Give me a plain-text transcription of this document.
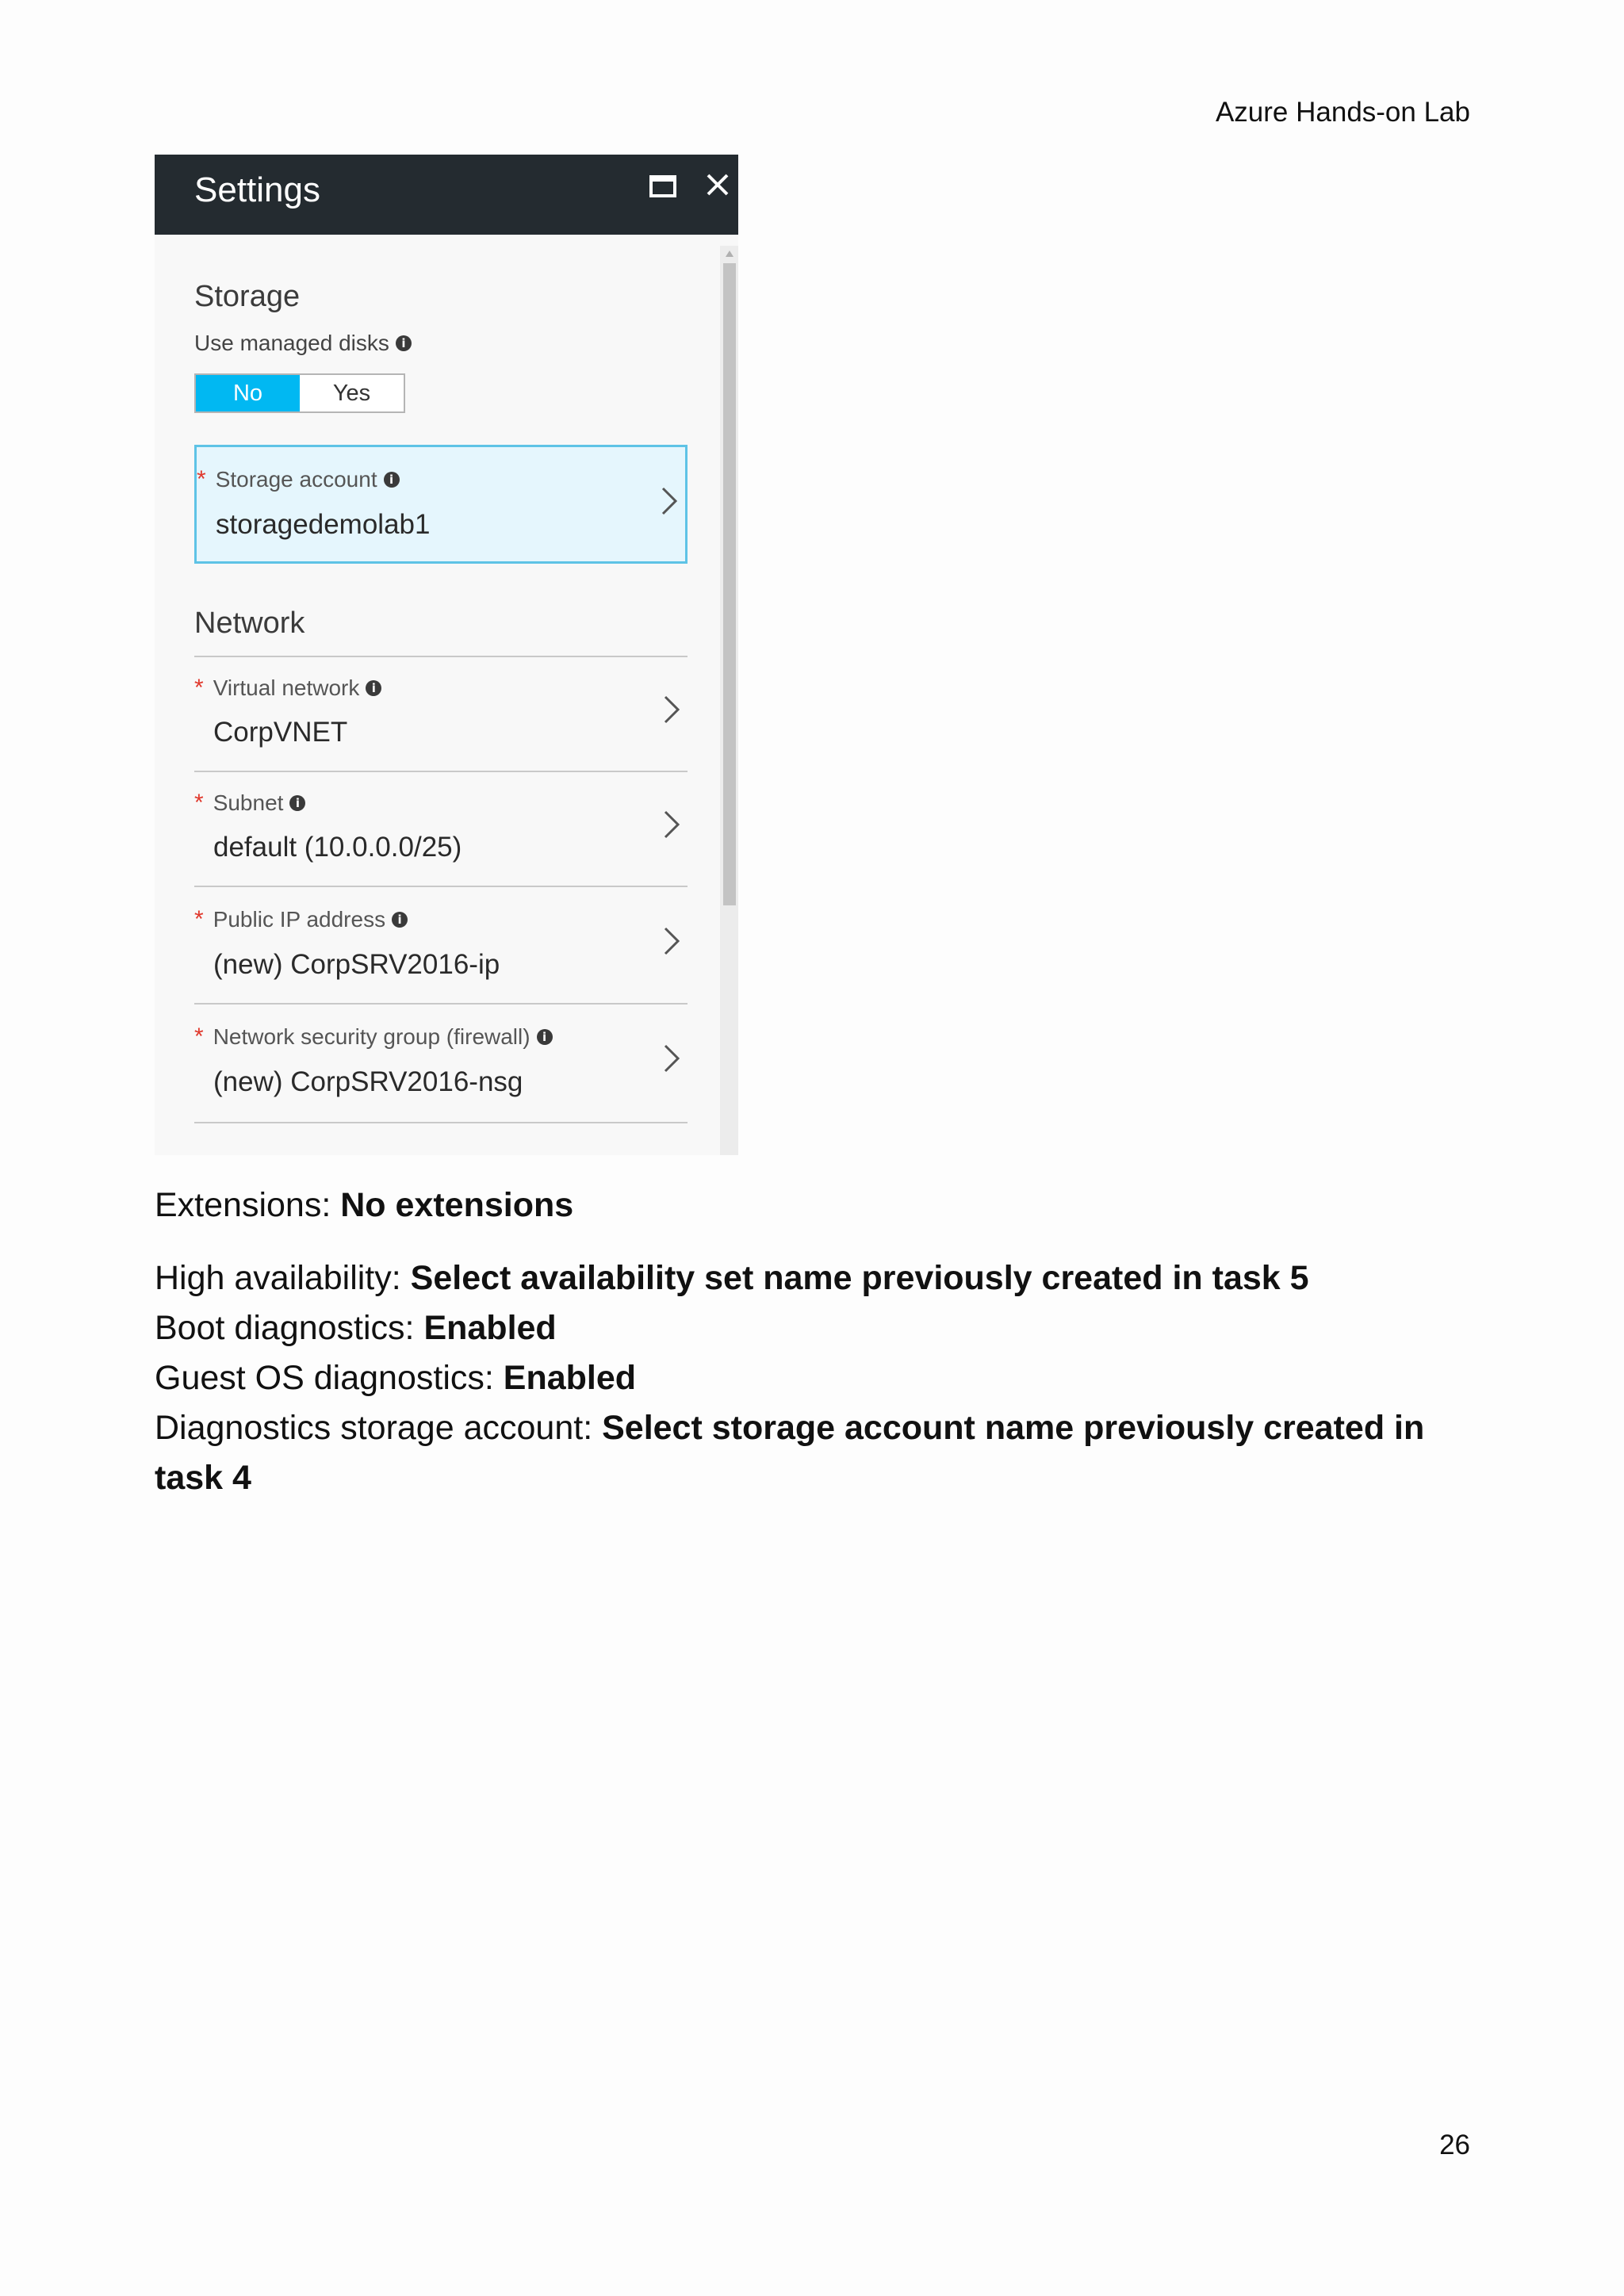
Azure Hands-on Lab
Settings
Storage
Use managed disks	i
No	Yes
* Storage account	i
storagedemolab1
Network
* Virtual network	i
CorpVNET
* Subnet	i
default (10.0.0.0/25)
* Public IP address	i
(new) CorpSRV2016-ip
* Network security group (firewall)	i
(new) CorpSRV2016-nsg
Extensions: No extensions
High availability: Select availability set name previously created in task 5
Boot diagnostics: Enabled
Guest OS diagnostics: Enabled
Diagnostics storage account: Select storage account name previously created in
task 4
26
